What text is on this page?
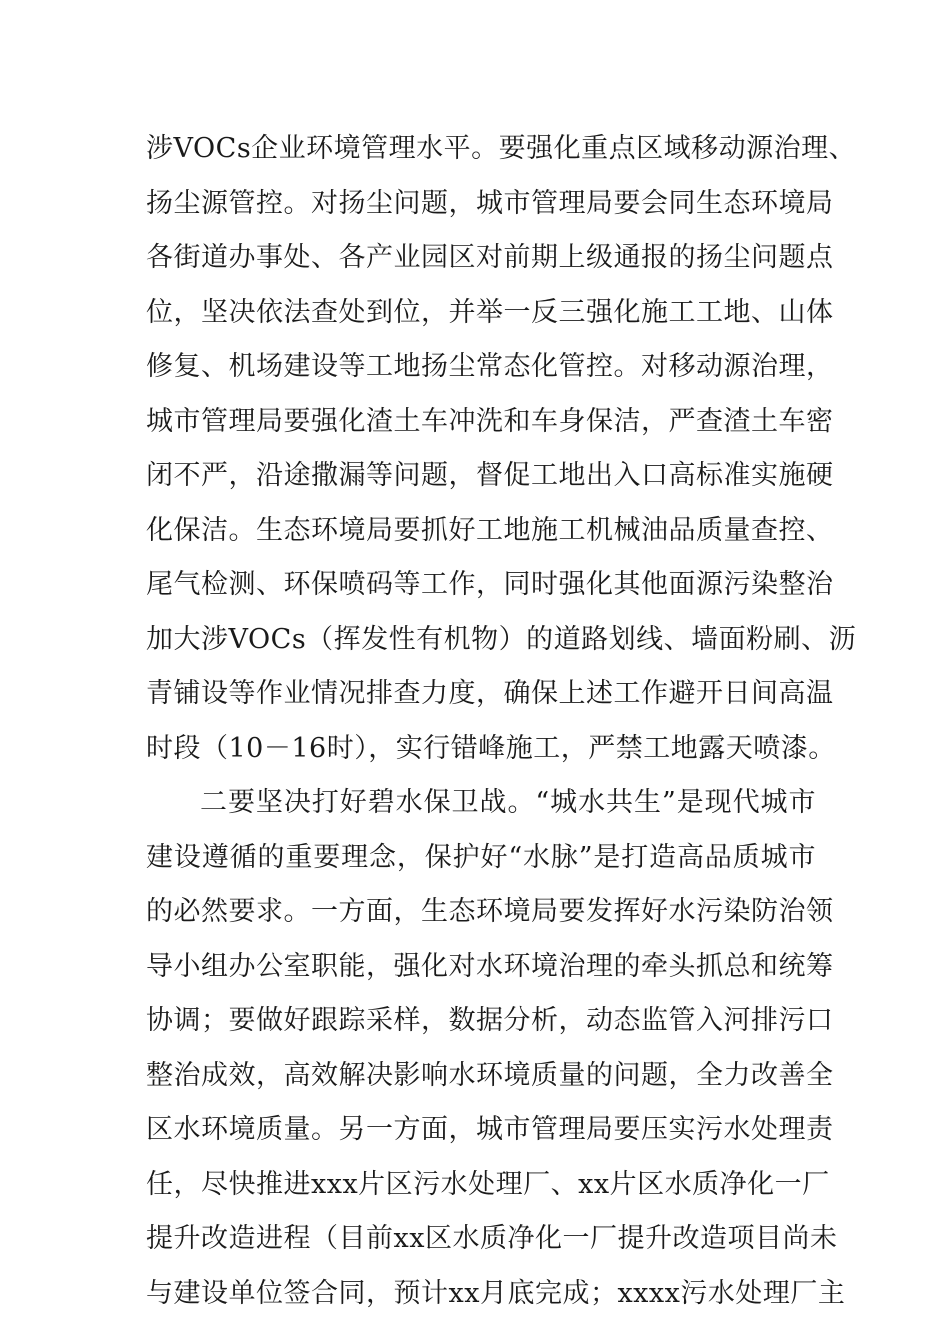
涉VOCs企业环境管理水平。要强化重点区域移动源治理、
扬尘源管控。对扬尘问题，城市管理局要会同生态环境局
各街道办事处、各产业园区对前期上级通报的扬尘问题点
位，坚决依法查处到位，并举一反三强化施工工地、山体
修复、机场建设等工地扬尘常态化管控。对移动源治理，
城市管理局要强化渣土车冲洗和车身保洁，严查渣土车密
闭不严，沿途撒漏等问题，督促工地出入口高标准实施硬
化保洁。生态环境局要抓好工地施工机械油品质量查控、
尾气检测、环保喷码等工作，同时强化其他面源污染整治
加大涉VOCs（挥发性有机物）的道路划线、墙面粉刷、沥
青铺设等作业情况排查力度，确保上述工作避开日间高温
时段（10－16时），实行错峰施工，严禁工地露天喷漆。
二要坚决打好碧水保卫战。“城水共生”是现代城市
建设遵循的重要理念，保护好“水脉”是打造高品质城市
的必然要求。一方面，生态环境局要发挥好水污染防治领
导小组办公室职能，强化对水环境治理的牵头抓总和统筹
协调；要做好跟踪采样，数据分析，动态监管入河排污口
整治成效，高效解决影响水环境质量的问题，全力改善全
区水环境质量。另一方面，城市管理局要压实污水处理责
任，尽快推进xxx片区污水处理厂、xx片区水质净化一厂
提升改造进程（目前xx区水质净化一厂提升改造项目尚未
与建设单位签合同，预计xx月底完成；xxxx污水处理厂主
